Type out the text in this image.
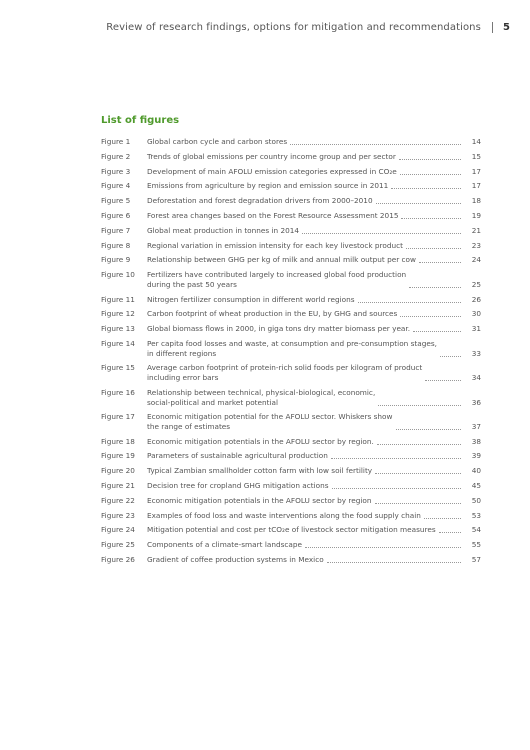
Review of research findings, options for mitigation and recommendations 5
List of figures
Figure 1	Global carbon cycle and carbon stores	14
Figure 2	Trends of global emissions per country income group and per sector	15
Figure 3	Development of main AFOLU emission categories expressed in CO₂e	17
Figure 4	Emissions from agriculture by region and emission source in 2011	17
Figure 5	Deforestation and forest degradation drivers from 2000–2010	18
Figure 6	Forest area changes based on the Forest Resource Assessment 2015	19
Figure 7	Global meat production in tonnes in 2014	21
Figure 8	Regional variation in emission intensity for each key livestock product	23
Figure 9	Relationship between GHG per kg of milk and annual milk output per cow	24
Figure 10	Fertilizers have contributed largely to increased global food production
during the past 50 years	25
Figure 11	Nitrogen fertilizer consumption in different world regions	26
Figure 12	Carbon footprint of wheat production in the EU, by GHG and sources	30
Figure 13	Global biomass flows in 2000, in giga tons dry matter biomass per year.	31
Figure 14	Per capita food losses and waste, at consumption and pre-consumption stages,
in different regions	33
Figure 15	Average carbon footprint of protein-rich solid foods per kilogram of product
including error bars	34
Figure 16	Relationship between technical, physical-biological, economic,
social-political and market potential	36
Figure 17	Economic mitigation potential for the AFOLU sector. Whiskers show
the range of estimates	37
Figure 18	Economic mitigation potentials in the AFOLU sector by region.	38
Figure 19	Parameters of sustainable agricultural production	39
Figure 20	Typical Zambian smallholder cotton farm with low soil fertility	40
Figure 21	Decision tree for cropland GHG mitigation actions	45
Figure 22	Economic mitigation potentials in the AFOLU sector by region	50
Figure 23	Examples of food loss and waste interventions along the food supply chain	53
Figure 24	Mitigation potential and cost per tCO₂e of livestock sector mitigation measures	54
Figure 25	Components of a climate-smart landscape	55
Figure 26	Gradient of coffee production systems in Mexico	57
